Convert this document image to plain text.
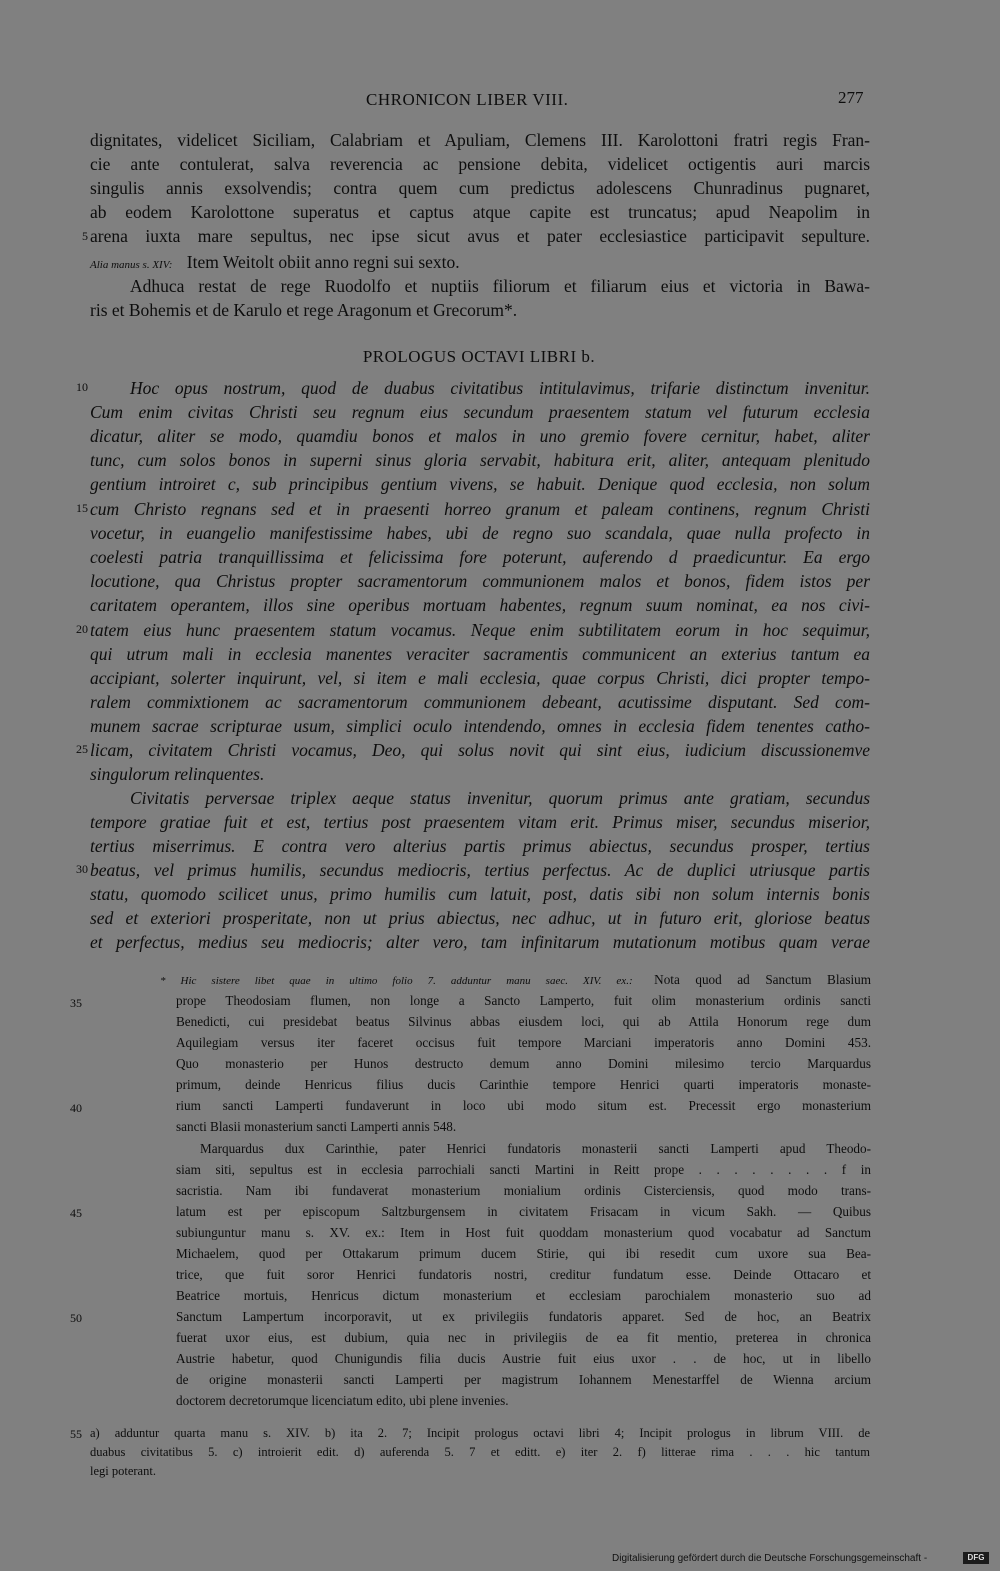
CHRONICON LIBER VIII.	277
dignitates, videlicet Siciliam, Calabriam et Apuliam, Clemens III. Karolottoni fratri regis Fran-
cie ante contulerat, salva reverencia ac pensione debita, videlicet octigentis auri marcis
singulis annis exsolvendis; contra quem cum predictus adolescens Chunradinus pugnaret,
ab eodem Karolottone superatus et captus atque capite est truncatus; apud Neapolim in
arena iuxta mare sepultus, nec ipse sicut avus et pater ecclesiastice participavit sepulture.
Alia manus s. XIV: Item Weitolt obiit anno regni sui sexto.
Adhuca restat de rege Ruodolfo et nuptiis filiorum et filiarum eius et victoria in Bawa-
ris et Bohemis et de Karulo et rege Aragonum et Grecorum*.
PROLOGUS OCTAVI LIBRI b.
Hoc opus nostrum, quod de duabus civitatibus intitulavimus, trifarie distinctum invenitur.
Cum enim civitas Christi seu regnum eius secundum praesentem statum vel futurum ecclesia
dicatur, aliter se modo, quamdiu bonos et malos in uno gremio fovere cernitur, habet, aliter
tunc, cum solos bonos in superni sinus gloria servabit, habitura erit, aliter, antequam plenitudo
gentium introiret c, sub principibus gentium vivens, se habuit. Denique quod ecclesia, non solum
cum Christo regnans sed et in praesenti horreo granum et paleam continens, regnum Christi
vocetur, in euangelio manifestissime habes, ubi de regno suo scandala, quae nulla profecto in
coelesti patria tranquillissima et felicissima fore poterunt, auferendo d praedicuntur. Ea ergo
locutione, qua Christus propter sacramentorum communionem malos et bonos, fidem istos per
caritatem operantem, illos sine operibus mortuam habentes, regnum suum nominat, ea nos civi-
tatem eius hunc praesentem statum vocamus. Neque enim subtilitatem eorum in hoc sequimur,
qui utrum mali in ecclesia manentes veraciter sacramentis communicent an exterius tantum ea
accipiant, solerter inquirunt, vel, si item e mali ecclesia, quae corpus Christi, dici propter tempo-
ralem commixtionem ac sacramentorum communionem debeant, acutissime disputant. Sed com-
munem sacrae scripturae usum, simplici oculo intendendo, omnes in ecclesia fidem tenentes catho-
licam, civitatem Christi vocamus, Deo, qui solus novit qui sint eius, iudicium discussionemve
singulorum relinquentes.
Civitatis perversae triplex aeque status invenitur, quorum primus ante gratiam, secundus
tempore gratiae fuit et est, tertius post praesentem vitam erit. Primus miser, secundus miserior,
tertius miserrimus. E contra vero alterius partis primus abiectus, secundus prosper, tertius
beatus, vel primus humilis, secundus mediocris, tertius perfectus. Ac de duplici utriusque partis
statu, quomodo scilicet unus, primo humilis cum latuit, post, datis sibi non solum internis bonis
sed et exteriori prosperitate, non ut prius abiectus, nec adhuc, ut in futuro erit, gloriose beatus
et perfectus, medius seu mediocris; alter vero, tam infinitarum mutationum motibus quam verae
* Hic sistere libet quae in ultimo folio 7. adduntur manu saec. XIV. ex.: Nota quod ad Sanctum Blasium
prope Theodosiam flumen, non longe a Sancto Lamperto, fuit olim monasterium ordinis sancti
Benedicti, cui presidebat beatus Silvinus abbas eiusdem loci, qui ab Attila Honorum rege dum
Aquilegiam versus iter faceret occisus fuit tempore Marciani imperatoris anno Domini 453.
Quo monasterio per Hunos destructo demum anno Domini milesimo tercio Marquardus
primum, deinde Henricus filius ducis Carinthie tempore Henrici quarti imperatoris monaste-
rium sancti Lamperti fundaverunt in loco ubi modo situm est. Precessit ergo monasterium
sancti Blasii monasterium sancti Lamperti annis 548.
Marquardus dux Carinthie, pater Henrici fundatoris monasterii sancti Lamperti apud Theodo-
siam siti, sepultus est in ecclesia parrochiali sancti Martini in Reitt prope . . . . . . . . f in
sacristia. Nam ibi fundaverat monasterium monialium ordinis Cisterciensis, quod modo trans-
latum est per episcopum Saltzburgensem in civitatem Frisacam in vicum Sakh. — Quibus
subiunguntur manu s. XV. ex.: Item in Host fuit quoddam monasterium quod vocabatur ad Sanctum
Michaelem, quod per Ottakarum primum ducem Stirie, qui ibi resedit cum uxore sua Bea-
trice, que fuit soror Henrici fundatoris nostri, creditur fundatum esse. Deinde Ottacaro et
Beatrice mortuis, Henricus dictum monasterium et ecclesiam parochialem monasterio suo ad
Sanctum Lampertum incorporavit, ut ex privilegiis fundatoris apparet. Sed de hoc, an Beatrix
fuerat uxor eius, est dubium, quia nec in privilegiis de ea fit mentio, preterea in chronica
Austrie habetur, quod Chunigundis filia ducis Austrie fuit eius uxor . . de hoc, ut in libello
de origine monasterii sancti Lamperti per magistrum Iohannem Menestarffel de Wienna arcium
doctorem decretorumque licenciatum edito, ubi plene invenies.
a) adduntur quarta manu s. XIV. b) ita 2. 7; Incipit prologus octavi libri 4; Incipit prologus in librum VIII. de
duabus civitatibus 5. c) introierit edit. d) auferenda 5. 7 et editt. e) iter 2. f) litterae rima . . . hic tantum
legi poterant.
5
10
15
20
25
30
35
40
45
50
55
Digitalisierung gefördert durch die Deutsche Forschungsgemeinschaft -	DFG
